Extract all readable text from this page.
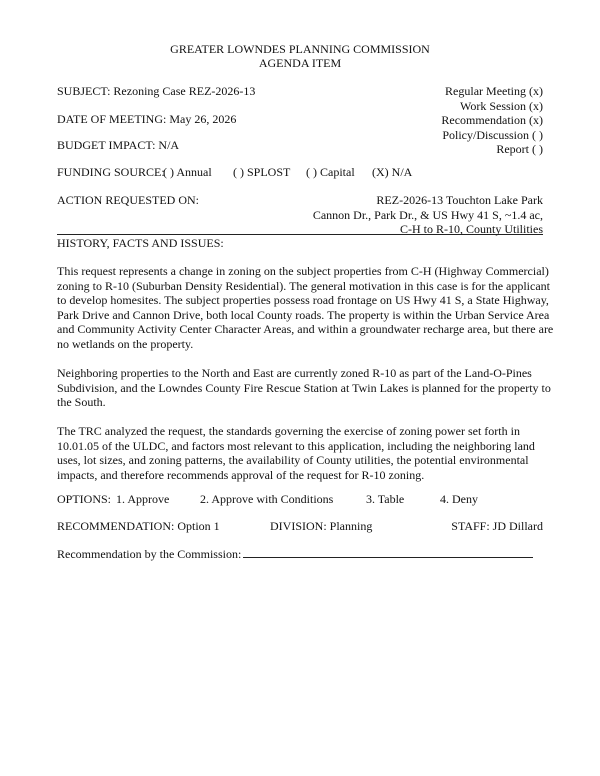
GREATER LOWNDES PLANNING COMMISSION
AGENDA ITEM
SUBJECT: Rezoning Case REZ-2026-13
DATE OF MEETING: May 26, 2026
BUDGET IMPACT: N/A
Regular Meeting (x)
Work Session (x)
Recommendation (x)
Policy/Discussion ( )
Report ( )
FUNDING SOURCE:
( ) Annual ( ) SPLOST ( ) Capital (X) N/A
ACTION REQUESTED ON:	REZ-2026-13 Touchton Lake Park
Cannon Dr., Park Dr., & US Hwy 41 S, ~1.4 ac,
C-H to R-10, County Utilities
HISTORY, FACTS AND ISSUES:
This request represents a change in zoning on the subject properties from C-H (Highway Commercial)
zoning to R-10 (Suburban Density Residential). The general motivation in this case is for the applicant
to develop homesites. The subject properties possess road frontage on US Hwy 41 S, a State Highway,
Park Drive and Cannon Drive, both local County roads. The property is within the Urban Service Area
and Community Activity Center Character Areas, and within a groundwater recharge area, but there are
no wetlands on the property.
Neighboring properties to the North and East are currently zoned R-10 as part of the Land-O-Pines
Subdivision, and the Lowndes County Fire Rescue Station at Twin Lakes is planned for the property to
the South.
The TRC analyzed the request, the standards governing the exercise of zoning power set forth in
10.01.05 of the ULDC, and factors most relevant to this application, including the neighboring land
uses, lot sizes, and zoning patterns, the availability of County utilities, the potential environmental
impacts, and therefore recommends approval of the request for R-10 zoning.
OPTIONS: 1. Approve	2. Approve with Conditions	3. Table	4. Deny
RECOMMENDATION: Option 1	DIVISION: Planning	STAFF: JD Dillard
Recommendation by the Commission:
